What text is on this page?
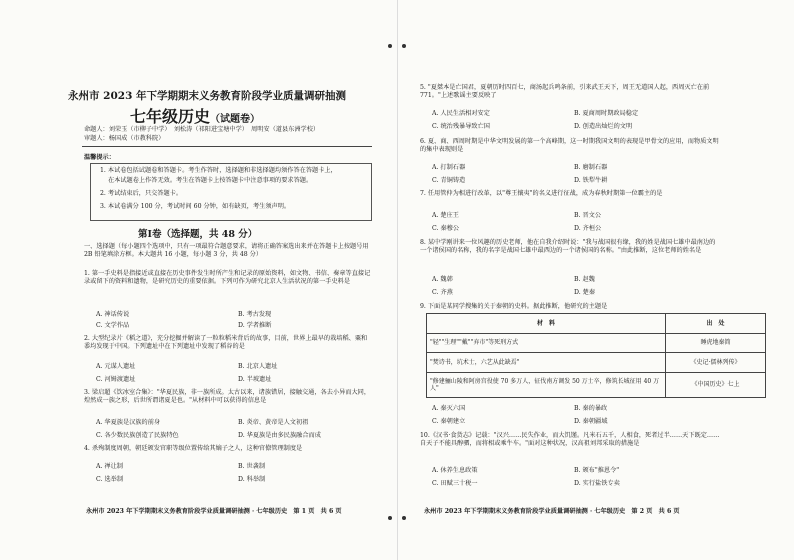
永州市 2023 年下学期期末义务教育阶段学业质量调研抽测
七年级历史（试题卷）
命题人：刘荣玉（市柳子中学）　刘松涛（祁阳进宝塘中学）　周明安（道县东洲学校）
审题人：杨国成（市教科院）
温馨提示：
1. 本试卷包括试题卷和答题卡。考生作答时，选择题和非选择题均须作答在答题卡上，
在本试题卷上作答无效。考生在答题卡上按答题卡中注意事项的要求答题。
2. 考试结束后，只交答题卡。
3. 本试卷满分 100 分，考试时间 60 分钟，如有缺页，考生须声明。
第Ⅰ卷（选择题，共 48 分）
一、选择题（每小题四个选项中，只有一项最符合题意要求，请将正确答案选出来并在答题卡上按题号用 2B 铅笔填涂方框。本大题共 16 小题，每小题 3 分，共 48 分）
1. 第一手史料是指接近或直接在历史事件发生时所产生和记录的原始资料，如文物、书信、奏章等直接记录或留下的资料和遗物，是研究历史的重要依据。下列可作为研究北京人生活状况的第一手史料是
A. 神话传说	B. 考古发现
C. 文学作品	D. 学者推断
2. 大型纪录片《稻之道》，充分挖掘并解读了一粒粒稻米背后的故事，目前，世界上最早的栽培稻、粟和黍均发现于中国。下列遗址中在下列遗址中发现了稻谷的是
A. 元谋人遗址	B. 北京人遗址
C. 河姆渡遗址	D. 半坡遗址
3. 梁启超《饮冰室合集》："华夏民族，非一族所成。太古以来，诸族错居，接触交通，各去小异而大同，煌然成一族之形，后世所谓诸夏是也。"从材料中可以获得的信息是
A. 华夏族是汉族的前身	B. 炎帝、黄帝是人文初祖
C. 各少数民族创造了民族特色	D. 华夏族是由多民族融合而成
4. 杀殉制度周朝，朝廷颁发官职等级位置传给其嫡子之人，这种官僚管理制度是
A. 禅让制	B. 世袭制
C. 选举制	D. 科举制
永州市 2023 年下学期期末义务教育阶段学业质量调研抽测 · 七年级历史　第 1 页　共 6 页
5. "夏桀本是亡国君，夏朝历时四百七，商汤起兵鸣条前，引来武王天下，周王无道国人起，西周灭亡在前 771。"上述歌谣主要反映了
A. 人民生活相对安定	B. 夏商周时期政局稳定
C. 统治残暴导致亡国	D. 创造出灿烂的文明
6. 夏、商、西周时期是中华文明发展的第一个高峰期，这一时期我国文明的表现是甲骨文的应用，而物质文明的集中表现则是
A. 打制石器	B. 磨制石器
C. 青铜铸造	D. 铁犁牛耕
7. 任用管仲为相进行改革，以"尊王攘夷"的名义进行征战，成为春秋时期第一位霸主的是
A. 楚庄王	B. 晋文公
C. 秦穆公	D. 齐桓公
8. 某中学刚讲来一位风趣的历史老师，他在自我介绍时说："我与战国很有缘，我的姓是战国七雄中最南边的一个诸侯国的名称，我的名字是战国七雄中最西边的一个诸侯国的名称。"由此推断，这位老师的姓名是
A. 魏韩	B. 赵魏
C. 齐燕	D. 楚秦
9. 下面是某同学搜集的关于秦朝的史料。据此推断，他研究的主题是
材　料	出　处
"轻""生理""戴""弃市"等死刑方式	睡虎地秦简
"焚诗书，坑术士，六艺从此缺焉"	《史记·儒林列传》
"修建骊山陵和阿房宫役使 70 多万人，征伐南方调发 50 万士卒，修筑长城征用 40 万人"	《中国历史》七上
A. 秦灭六国	B. 秦的暴政
C. 秦朝建立	D. 秦朝疆域
10.《汉书·食货志》记载："汉兴……民失作业，而大饥馑。凡米石五千，人相食，死者过半……天下既定……自天子不能具醇驷，而将相或乘牛车。"面对这种状况，汉高祖刘邦采取的措施是
A. 休养生息政策	B. 颁布"推恩令"
C. 田赋三十税一	D. 实行盐铁专卖
永州市 2023 年下学期期末义务教育阶段学业质量调研抽测 · 七年级历史　第 2 页　共 6 页
